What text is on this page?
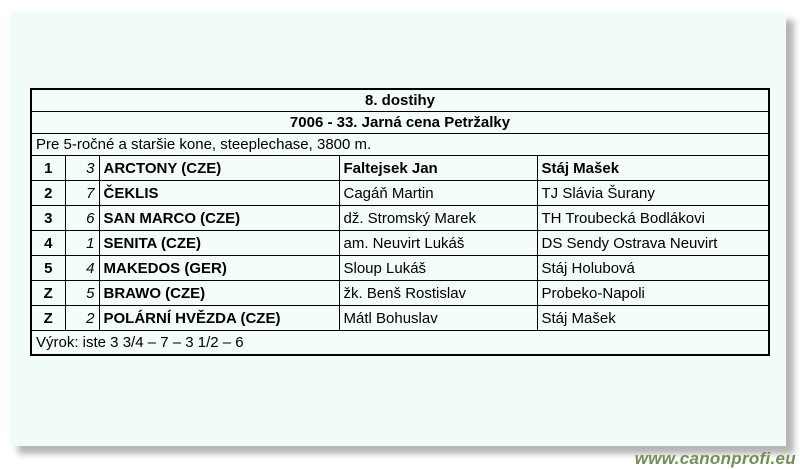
8. dostihy				
7006 - 33. Jarná cena Petržalky				
Pre 5-ročné a staršie kone, steeplechase, 3800 m.				
1	3	ARCTONY (CZE)	Faltejsek Jan	Stáj Mašek
2	7	ČEKLIS	Cagáň Martin	TJ Slávia Šurany
3	6	SAN MARCO (CZE)	dž. Stromský Marek	TH Troubecká Bodlákovi
4	1	SENITA (CZE)	am. Neuvirt Lukáš	DS Sendy Ostrava Neuvirt
5	4	MAKEDOS (GER)	Sloup Lukáš	Stáj Holubová
Z	5	BRAWO (CZE)	žk. Benš Rostislav	Probeko-Napoli
Z	2	POLÁRNÍ HVĚZDA (CZE)	Mátl Bohuslav	Stáj Mašek
Výrok: iste 3 3/4 – 7 – 3 1/2 – 6				
www.canonprofi.eu
